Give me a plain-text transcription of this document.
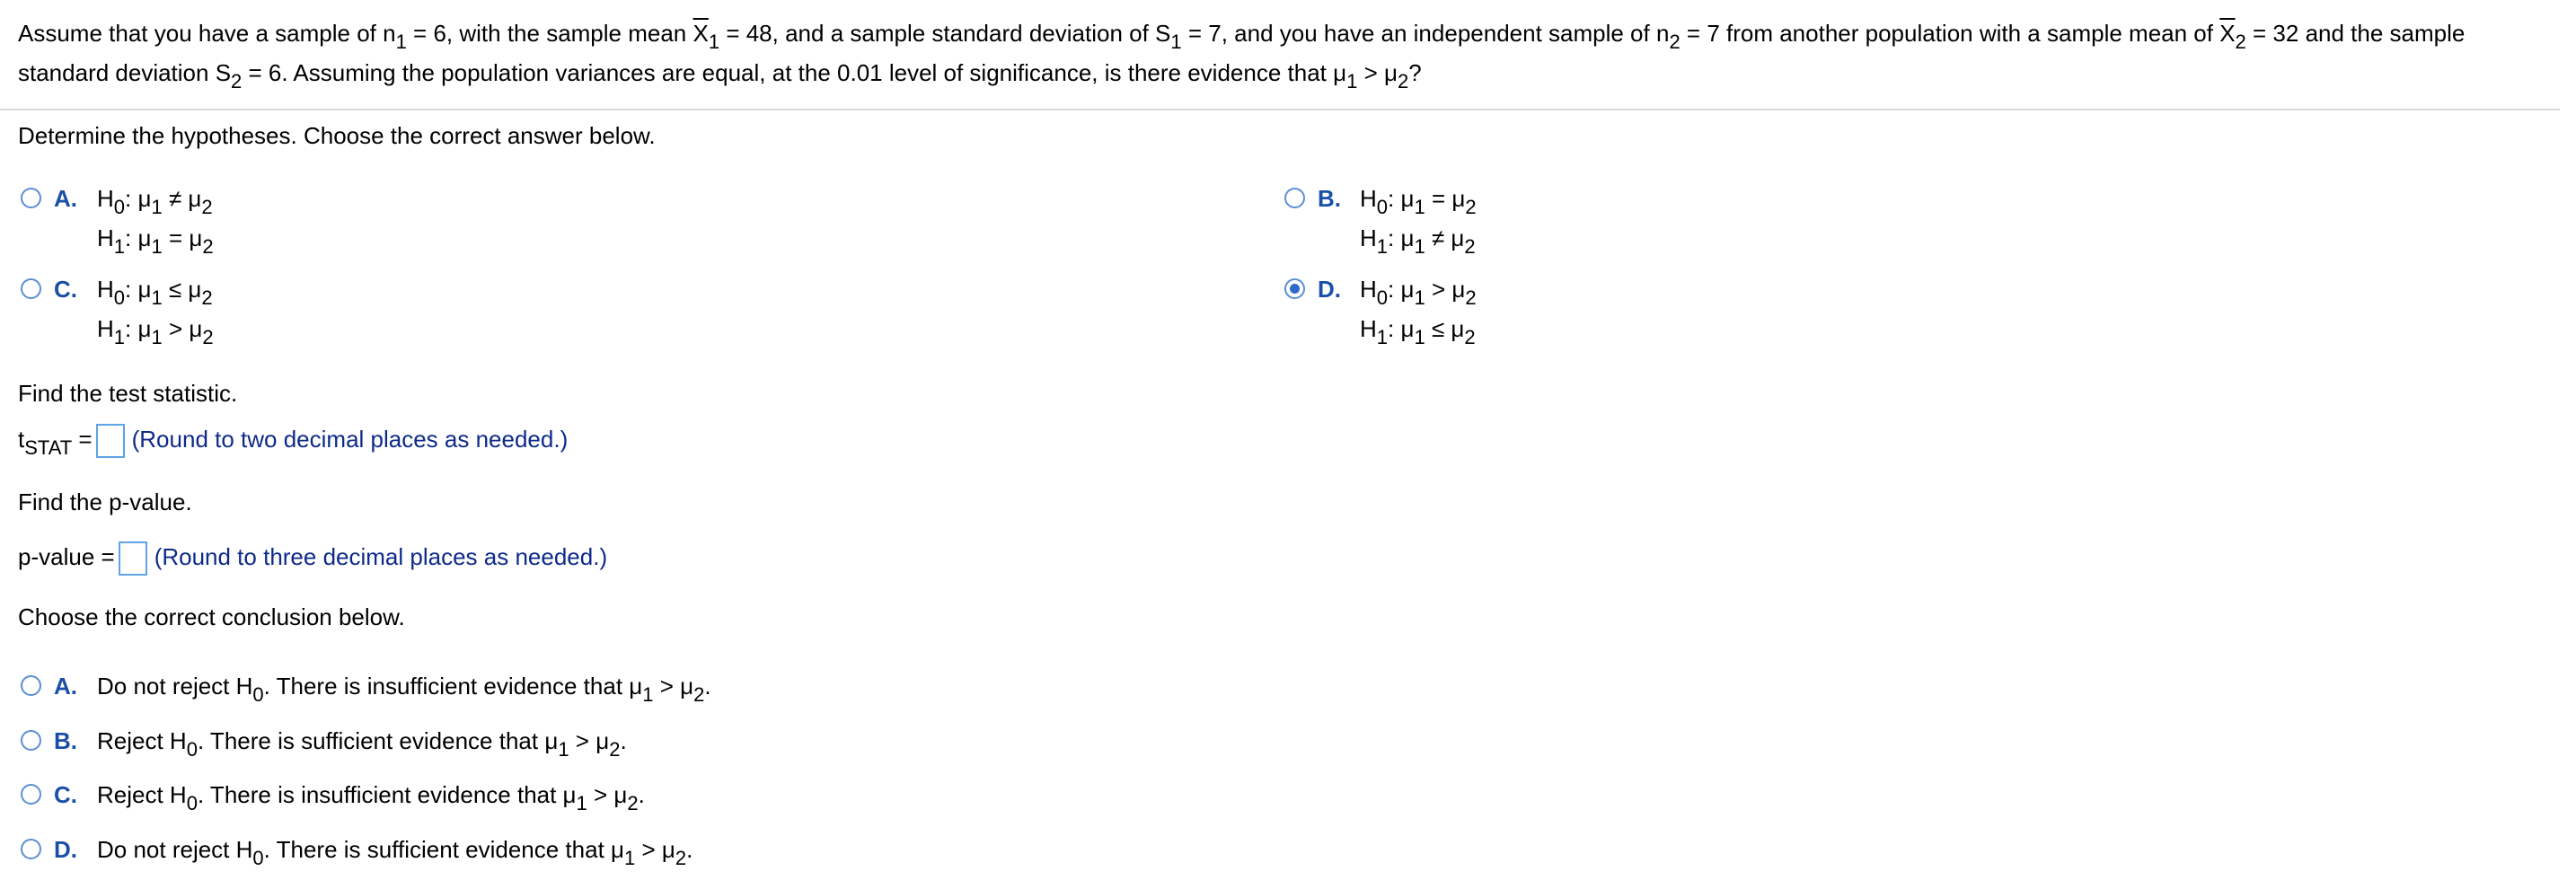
Assume that you have a sample of $n_1 = 6$, with the sample mean $\overline{X}_1 = 48$, and a sample standard deviation of $S_1 = 7$, and you have an independent sample of $n_2 = 7$ from another population with a sample mean of $\overline{X}_2 = 32$ and the sample
standard deviation $S_2 = 6$. Assuming the population variances are equal, at the 0.01 level of significance, is there evidence that $\mu_1 > \mu_2$?
Determine the hypotheses. Choose the correct answer below.
A. $H_0$: $\mu_1 \ne \mu_2$
$H_1$: $\mu_1 = \mu_2$
B. $H_0$: $\mu_1 = \mu_2$
$H_1$: $\mu_1 \ne \mu_2$
C. $H_0$: $\mu_1 \le \mu_2$
$H_1$: $\mu_1 > \mu_2$
D. $H_0$: $\mu_1 > \mu_2$
$H_1$: $\mu_1 \le \mu_2$
Find the test statistic.
$t_{STAT}$ = (Round to two decimal places as needed.)
Find the p-value.
p-value = (Round to three decimal places as needed.)
Choose the correct conclusion below.
A. Do not reject $H_0$. There is insufficient evidence that $\mu_1 > \mu_2$.
B. Reject $H_0$. There is sufficient evidence that $\mu_1 > \mu_2$.
C. Reject $H_0$. There is insufficient evidence that $\mu_1 > \mu_2$.
D. Do not reject $H_0$. There is sufficient evidence that $\mu_1 > \mu_2$.
